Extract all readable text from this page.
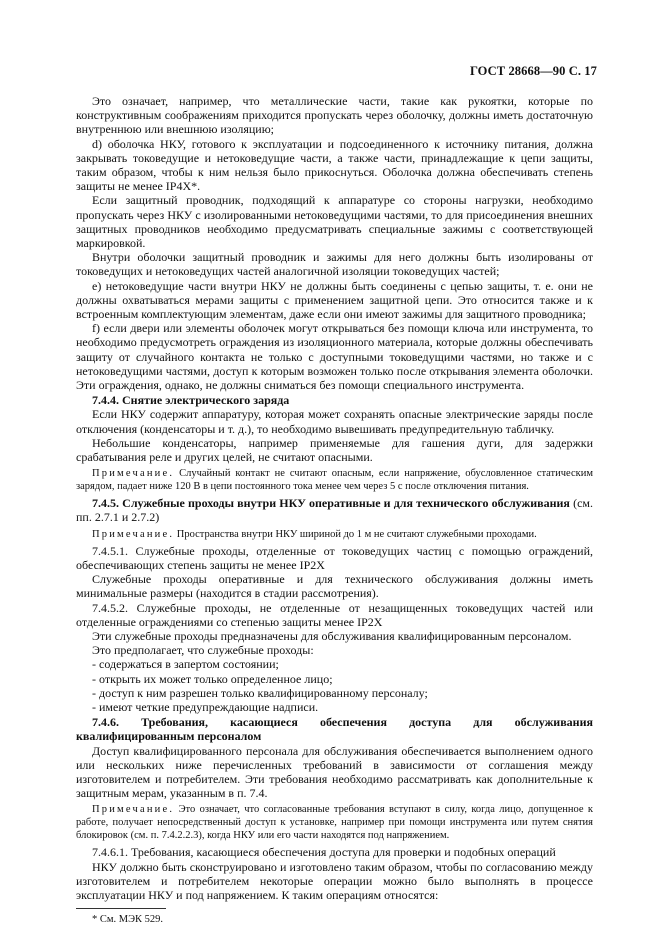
ГОСТ 28668—90 С. 17

Это означает, например, что металлические части, такие как рукоятки, которые по конструктивным соображениям приходится пропускать через оболочку, должны иметь достаточную внутреннюю или внешнюю изоляцию;

d) оболочка НКУ, готового к эксплуатации и подсоединенного к источнику питания, должна закрывать токоведущие и нетоковедущие части, а также части, принадлежащие к цепи защиты, таким образом, чтобы к ним нельзя было прикоснуться. Оболочка должна обеспечивать степень защиты не менее IP4X*.

Если защитный проводник, подходящий к аппаратуре со стороны нагрузки, необходимо пропускать через НКУ с изолированными нетоковедущими частями, то для присоединения внешних защитных проводников необходимо предусматривать специальные зажимы с соответствующей маркировкой.

Внутри оболочки защитный проводник и зажимы для него должны быть изолированы от токоведущих и нетоковедущих частей аналогичной изоляции токоведущих частей;

e) нетоковедущие части внутри НКУ не должны быть соединены с цепью защиты, т. е. они не должны охватываться мерами защиты с применением защитной цепи. Это относится также и к встроенным комплектующим элементам, даже если они имеют зажимы для защитного проводника;

f) если двери или элементы оболочек могут открываться без помощи ключа или инструмента, то необходимо предусмотреть ограждения из изоляционного материала, которые должны обеспечивать защиту от случайного контакта не только с доступными токоведущими частями, но также и с нетоковедущими частями, доступ к которым возможен только после открывания элемента оболочки. Эти ограждения, однако, не должны сниматься без помощи специального инструмента.

7.4.4. Снятие электрического заряда

Если НКУ содержит аппаратуру, которая может сохранять опасные электрические заряды после отключения (конденсаторы и т. д.), то необходимо вывешивать предупредительную табличку.

Небольшие конденсаторы, например применяемые для гашения дуги, для задержки срабатывания реле и других целей, не считают опасными.

Примечание. Случайный контакт не считают опасным, если напряжение, обусловленное статическим зарядом, падает ниже 120 В в цепи постоянного тока менее чем через 5 с после отключения питания.

7.4.5. Служебные проходы внутри НКУ оперативные и для технического обслуживания (см. пп. 2.7.1 и 2.7.2)

Примечание. Пространства внутри НКУ шириной до 1 м не считают служебными проходами.

7.4.5.1. Служебные проходы, отделенные от токоведущих частиц с помощью ограждений, обеспечивающих степень защиты не менее IP2X

Служебные проходы оперативные и для технического обслуживания должны иметь минимальные размеры (находится в стадии рассмотрения).

7.4.5.2. Служебные проходы, не отделенные от незащищенных токоведущих частей или отделенные ограждениями со степенью защиты менее IP2X

Эти служебные проходы предназначены для обслуживания квалифицированным персоналом.

Это предполагает, что служебные проходы:

- содержаться в запертом состоянии;

- открыть их может только определенное лицо;

- доступ к ним разрешен только квалифицированному персоналу;

- имеют четкие предупреждающие надписи.

7.4.6. Требования, касающиеся обеспечения доступа для обслуживания квалифицированным персоналом

Доступ квалифицированного персонала для обслуживания обеспечивается выполнением одного или нескольких ниже перечисленных требований в зависимости от соглашения между изготовителем и потребителем. Эти требования необходимо рассматривать как дополнительные к защитным мерам, указанным в п. 7.4.

Примечание. Это означает, что согласованные требования вступают в силу, когда лицо, допущенное к работе, получает непосредственный доступ к установке, например при помощи инструмента или путем снятия блокировок (см. п. 7.4.2.2.3), когда НКУ или его части находятся под напряжением.

7.4.6.1. Требования, касающиеся обеспечения доступа для проверки и подобных операций

НКУ должно быть сконструировано и изготовлено таким образом, чтобы по согласованию между изготовителем и потребителем некоторые операции можно было выполнять в процессе эксплуатации НКУ и под напряжением. К таким операциям относятся:

* См. МЭК 529.
